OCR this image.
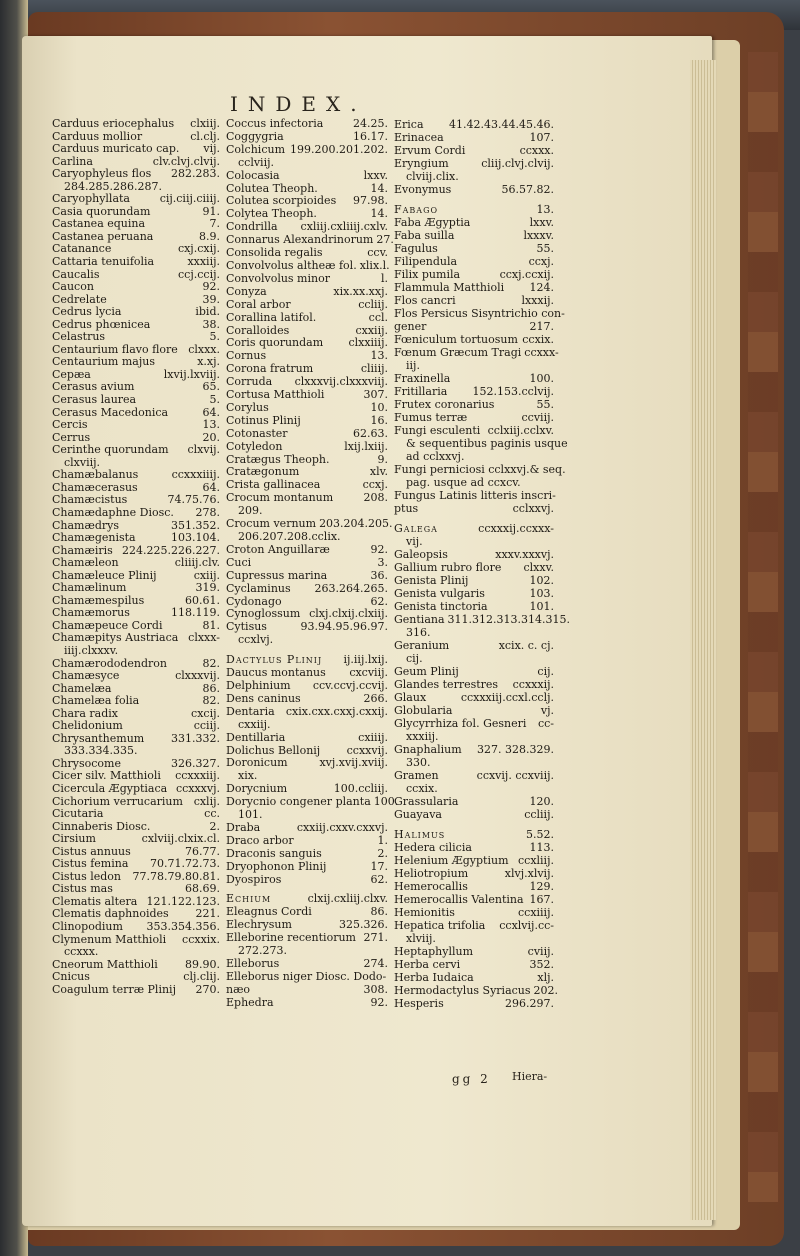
INDEX.
Carduus eriocephalus clxiij.
Carduus mollior	cl.clj.
Carduus muricato cap. vij.
Carlina	clv.clvj.clvij.
Caryophyleus flos 282.283.
284.285.286.287.
Caryophyllata	cij.ciij.ciiij.
Casia quorundam	91.
Castanea equina	7.
Castanea peruana	8.9.
Catanance	cxj.cxij.
Cattaria tenuifolia	xxxiij.
Caucalis	ccj.ccij.
Caucon	92.
Cedrelate	39.
Cedrus lycia	ibid.
Cedrus phœnicea	38.
Celastrus	5.
Centaurium flavo flore clxxx.
Centaurium majus	x.xj.
Cepæa	lxvij.lxviij.
Cerasus avium	65.
Cerasus laurea	5.
Cerasus Macedonica	64.
Cercis	13.
Cerrus	20.
Cerinthe quorundam clxvij.
clxviij.
Chamæbalanus	ccxxxiiij.
Chamæcerasus	64.
Chamæcistus	74.75.76.
Chamædaphne Diosc. 278.
Chamædrys	351.352.
Chamægenista	103.104.
Chamæiris 224.225.226.227.
Chamæleon	cliiij.clv.
Chamæleuce Plinij	cxiij.
Chamælinum	319.
Chamæmespilus	60.61.
Chamæmorus	118.119.
Chamæpeuce Cordi	81.
Chamæpitys Austriaca clxxx-
iiij.clxxxv.
Chamærododendron	82.
Chamæsyce	clxxxvij.
Chamelæa	86.
Chamelæa folia	82.
Chara radix	cxcij.
Chelidonium	cciij.
Chrysanthemum 331.332.
333.334.335.
Chrysocome	326.327.
Cicer silv. Matthioli ccxxxiij.
Cicercula Ægyptiaca ccxxxvj.
Cichorium verrucarium cxlij.
Cicutaria	cc.
Cinnaberis Diosc.	2.
Cirsium	cxlviij.clxix.cl.
Cistus annuus	76.77.
Cistus femina 70.71.72.73.
Cistus ledon 77.78.79.80.81.
Cistus mas	68.69.
Clematis altera 121.122.123.
Clematis daphnoides 221.
Clinopodium 353.354.356.
Clymenum Matthioli ccxxix.
ccxxx.
Cneorum Matthioli 89.90.
Cnicus	clj.clij.
Coagulum terræ Plinij 270.
Coccus infectoria	24.25.
Coggygria	16.17.
Colchicum 199.200.201.202.
cclviij.
Colocasia	lxxv.
Colutea Theoph.	14.
Colutea scorpioides 97.98.
Colytea Theoph.	14.
Condrilla cxliij.cxliiij.cxlv.
Connarus Alexandrinorum 27.
Consolida regalis	ccv.
Convolvolus altheæ fol. xlix.l.
Convolvolus minor	l.
Conyza	xix.xx.xxj.
Coral arbor	ccliij.
Corallina latifol.	ccl.
Coralloides	cxxiij.
Coris quorundam clxxiiij.
Cornus	13.
Corona fratrum	cliiij.
Corruda clxxxvij.clxxxviij.
Cortusa Matthioli	307.
Corylus	10.
Cotinus Plinij	16.
Cotonaster	62.63.
Cotyledon	lxij.lxiij.
Cratægus Theoph.	9.
Cratægonum	xlv.
Crista gallinacea	ccxj.
Crocum montanum	208.
209.
Crocum vernum 203.204.205.
206.207.208.cclix.
Croton Anguillaræ	92.
Cuci	3.
Cupressus marina	36.
Cyclaminus 263.264.265.
Cydonago	62.
Cynoglossum clxj.clxij.clxiij.
Cytisus	93.94.95.96.97.
ccxlvj.
Dactylus Plinij ij.iij.lxij.
Daucus montanus cxcviij.
Delphinium ccv.ccvj.ccvij.
Dens caninus	266.
Dentaria cxix.cxx.cxxj.cxxij.
cxxiij.
Dentillaria	cxiiij.
Dolichus Bellonij ccxxvij.
Doronicum	xvj.xvij.xviij.
xix.
Dorycnium	100.ccliij.
Dorycnio congener planta 100.
101.
Draba	cxxiij.cxxv.cxxvj.
Draco arbor	1.
Draconis sanguis	2.
Dryophonon Plinij	17.
Dyospiros	62.
Echium	clxij.cxliij.clxv.
Eleagnus Cordi	86.
Elechrysum	325.326.
Elleborine recentiorum 271.
272.273.
Elleborus	274.
Elleborus niger Diosc. Dodo-
næo	308.
Ephedra	92.
Erica 41.42.43.44.45.46.
Erinacea	107.
Ervum Cordi	ccxxx.
Eryngium	cliij.clvj.clvij.
clviij.clix.
Evonymus	56.57.82.
Fabago	13.
Faba Ægyptia	lxxv.
Faba suilla	lxxxv.
Fagulus	55.
Filipendula	ccxj.
Filix pumila	ccxj.ccxij.
Flammula Matthioli 124.
Flos cancri	lxxxij.
Flos Persicus Sisyntrichio con-
gener	217.
Fœniculum tortuosum ccxix.
Fœnum Græcum Tragi ccxxx-
iij.
Fraxinella	100.
Fritillaria 152.153.cclvij.
Frutex coronarius	55.
Fumus terræ	ccviij.
Fungi esculenti cclxiij.cclxv.
& sequentibus paginis usque
ad cclxxvj.
Fungi perniciosi cclxxvj.& seq.
pag. usque ad ccxcv.
Fungus Latinis litteris inscri-
ptus	cclxxvj.
Galega	ccxxxij.ccxxx-
vij.
Galeopsis	xxxv.xxxvj.
Gallium rubro flore clxxv.
Genista Plinij	102.
Genista vulgaris	103.
Genista tinctoria	101.
Gentiana 311.312.313.314.315.
316.
Geranium	xcix. c. cj.
cij.
Geum Plinij	cij.
Glandes terrestres ccxxxij.
Glaux	ccxxxiij.ccxl.cclj.
Globularia	vj.
Glycyrrhiza fol. Gesneri cc-
xxxiij.
Gnaphalium 327. 328.329.
330.
Gramen	ccxvij. ccxviij.
ccxix.
Grassularia	120.
Guayava	ccliij.
Halimus	5.52.
Hedera cilicia	113.
Helenium Ægyptium ccxliij.
Heliotropium	xlvj.xlvij.
Hemerocallis	129.
Hemerocallis Valentina 167.
Hemionitis	ccxiiij.
Hepatica trifolia ccxlvij.cc-
xlviij.
Heptaphyllum	cviij.
Herba cervi	352.
Herba Iudaica	xlj.
Hermodactylus Syriacus 202.
Hesperis	296.297.
gg 2 Hiera-
